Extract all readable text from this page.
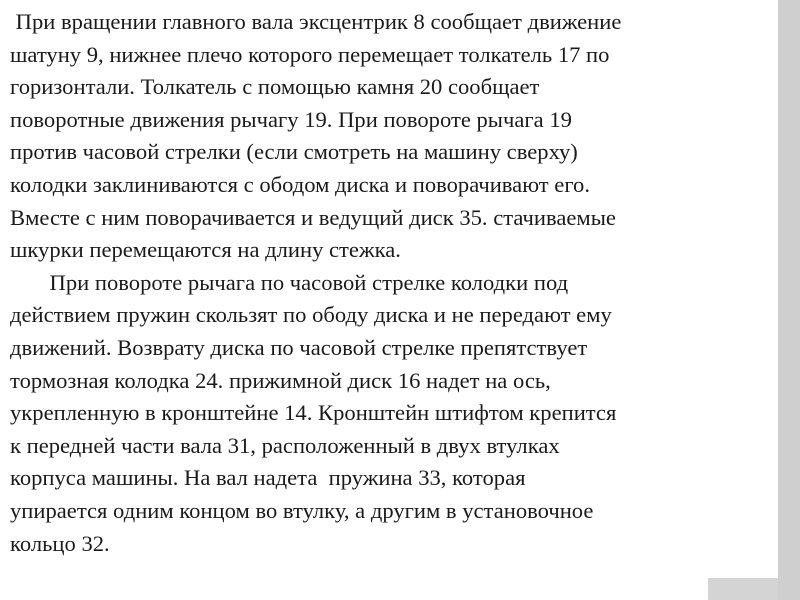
При вращении главного вала эксцентрик 8 сообщает движение
шатуну 9, нижнее плечо которого перемещает толкатель 17 по
горизонтали. Толкатель с помощью камня 20 сообщает
поворотные движения рычагу 19. При повороте рычага 19
против часовой стрелки (если смотреть на машину сверху)
колодки заклиниваются с ободом диска и поворачивают его.
Вместе с ним поворачивается и ведущий диск 35. стачиваемые
шкурки перемещаются на длину стежка.
При повороте рычага по часовой стрелке колодки под
действием пружин скользят по ободу диска и не передают ему
движений. Возврату диска по часовой стрелке препятствует
тормозная колодка 24. прижимной диск 16 надет на ось,
укрепленную в кронштейне 14. Кронштейн штифтом крепится
к передней части вала 31, расположенный в двух втулках
корпуса машины. На вал надета  пружина 33, которая
упирается одним концом во втулку, а другим в установочное
кольцо 32.
